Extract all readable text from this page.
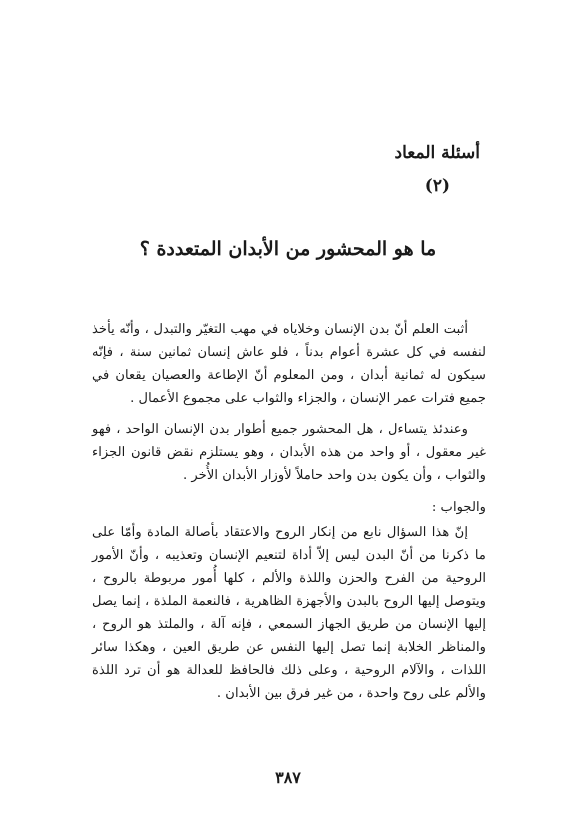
أسئلة المعاد
(٢)
ما هو المحشور من الأبدان المتعددة ؟

أثبت العلم أنّ بدن الإنسان وخلاياه في مهب التغيّر والتبدل ، وأنّه يأخذ لنفسه في كل عشرة أعوام بدناً ، فلو عاش إنسان ثمانين سنة ، فإنّه سيكون له ثمانية أبدان ، ومن المعلوم أنّ الإطاعة والعصيان يقعان في جميع فترات عمر الإنسان ، والجزاء والثواب على مجموع الأعمال .

وعندئذ يتساءل ، هل المحشور جميع أطوار بدن الإنسان الواحد ، فهو غير معقول ، أو واحد من هذه الأبدان ، وهو يستلزم نقض قانون الجزاء والثواب ، وأن يكون بدن واحد حاملاً لأوزار الأبدان الأُخر .

والجواب :

إنّ هذا السؤال نابع من إنكار الروح والاعتقاد بأصالة المادة وأمّا على ما ذكرنا من أنّ البدن ليس إلاّ أداة لتنعيم الإنسان وتعذيبه ، وأنّ الأمور الروحية من الفرح والحزن واللذة والألم ، كلها أُمور مربوطة بالروح ، ويتوصل إليها الروح بالبدن والأجهزة الظاهرية ، فالنعمة الملذة ، إنما يصل إليها الإنسان من طريق الجهاز السمعي ، فإنه آلة ، والملتذ هو الروح ، والمناظر الخلابة إنما تصل إليها النفس عن طريق العين ، وهكذا سائر اللذات ، والآلام الروحية ، وعلى ذلك فالحافظ للعدالة هو أن ترد اللذة والألم على روح واحدة ، من غير فرق بين الأبدان .

٣٨٧
